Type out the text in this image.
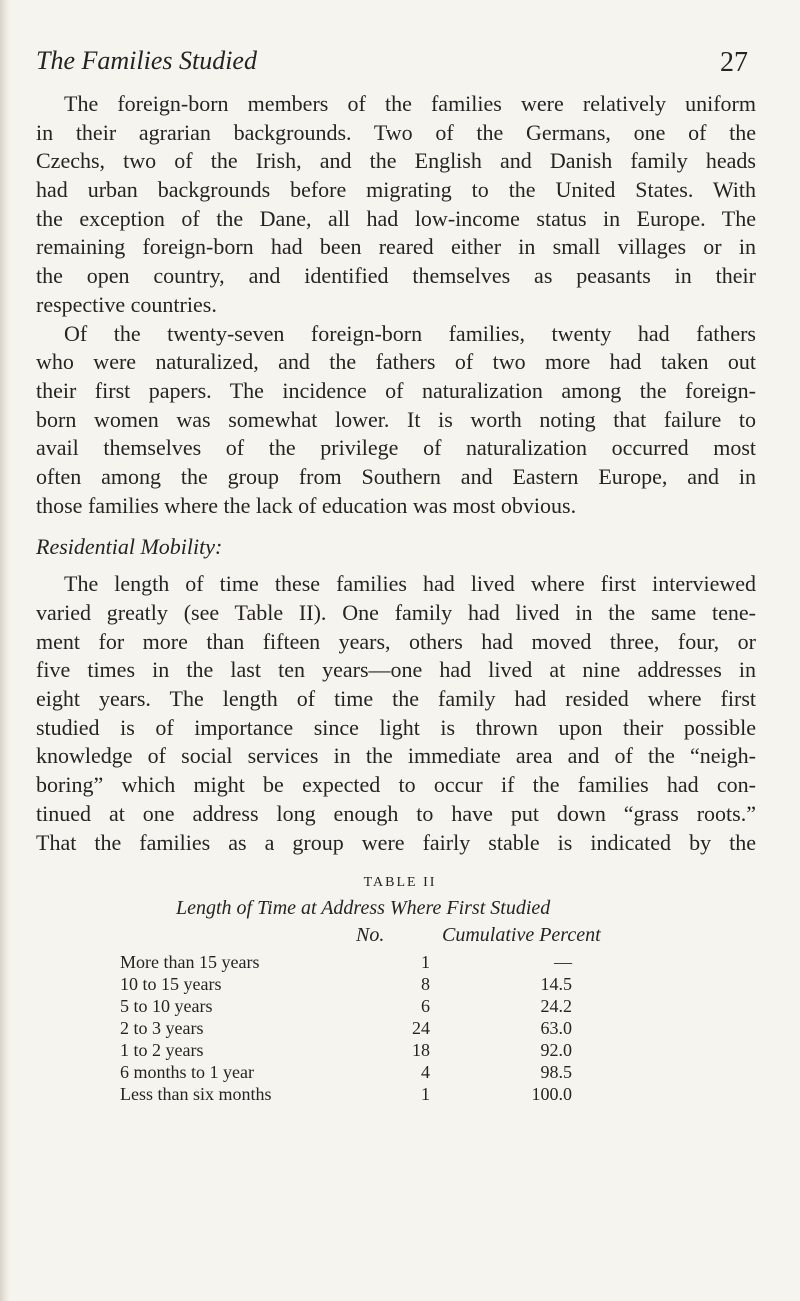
The Families Studied	27
The foreign-born members of the families were relatively uniform
in their agrarian backgrounds. Two of the Germans, one of the
Czechs, two of the Irish, and the English and Danish family heads
had urban backgrounds before migrating to the United States. With
the exception of the Dane, all had low-income status in Europe. The
remaining foreign-born had been reared either in small villages or in
the open country, and identified themselves as peasants in their
respective countries.
Of the twenty-seven foreign-born families, twenty had fathers
who were naturalized, and the fathers of two more had taken out
their first papers. The incidence of naturalization among the foreign-
born women was somewhat lower. It is worth noting that failure to
avail themselves of the privilege of naturalization occurred most
often among the group from Southern and Eastern Europe, and in
those families where the lack of education was most obvious.
Residential Mobility:
The length of time these families had lived where first interviewed
varied greatly (see Table II). One family had lived in the same tene-
ment for more than fifteen years, others had moved three, four, or
five times in the last ten years—one had lived at nine addresses in
eight years. The length of time the family had resided where first
studied is of importance since light is thrown upon their possible
knowledge of social services in the immediate area and of the “neigh-
boring” which might be expected to occur if the families had con-
tinued at one address long enough to have put down “grass roots.”
That the families as a group were fairly stable is indicated by the
TABLE II
Length of Time at Address Where First Studied
No.	Cumulative Percent
More than 15 years	1	—
10 to 15 years	8	14.5
5 to 10 years	6	24.2
2 to 3 years	24	63.0
1 to 2 years	18	92.0
6 months to 1 year	4	98.5
Less than six months	1	100.0
